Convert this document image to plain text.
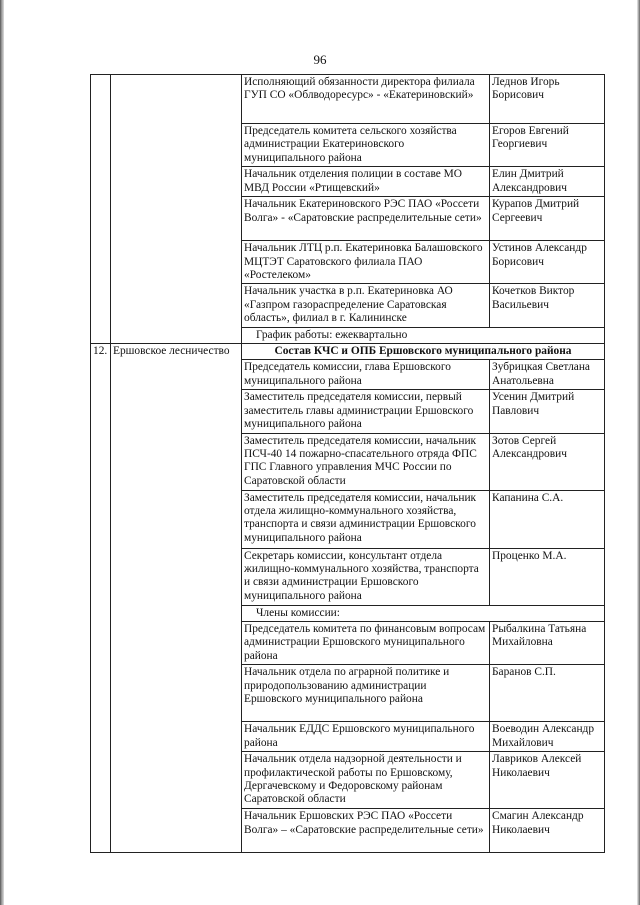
96
		Исполняющий обязанности директора филиала ГУП СО «Облводоресурс» - «Екатериновский»	Леднов Игорь Борисович
		Председатель комитета сельского хозяйства администрации Екатериновского муниципального района	Егоров Евгений Георгиевич
		Начальник отделения полиции в составе МО МВД России «Ртищевский»	Елин Дмитрий Александрович
		Начальник Екатериновского РЭС ПАО «Россети Волга» - «Саратовские распределительные сети»	Курапов Дмитрий Сергеевич
		Начальник ЛТЦ р.п. Екатериновка Балашовского МЦТЭТ Саратовского филиала ПАО «Ростелеком»	Устинов Александр Борисович
		Начальник участка в р.п. Екатериновка АО «Газпром газораспределение Саратовская область», филиал в г. Калининске	Кочетков Виктор Васильевич
		График работы: ежеквартально	
12.	Ершовское лесничество	Состав КЧС и ОПБ Ершовского муниципального района	
		Председатель комиссии, глава Ершовского муниципального района	Зубрицкая Светлана Анатольевна
		Заместитель председателя комиссии, первый заместитель главы администрации Ершовского муниципального района	Усенин Дмитрий Павлович
		Заместитель председателя комиссии, начальник ПСЧ-40 14 пожарно-спасательного отряда ФПС ГПС Главного управления МЧС России по Саратовской области	Зотов Сергей Александрович
		Заместитель председателя комиссии, начальник отдела жилищно-коммунального хозяйства, транспорта и связи администрации Ершовского муниципального района	Капанина С.А.
		Секретарь комиссии, консультант отдела жилищно-коммунального хозяйства, транспорта и связи администрации Ершовского муниципального района	Проценко М.А.
		Члены комиссии:	
		Председатель комитета по финансовым вопросам администрации Ершовского муниципального района	Рыбалкина Татьяна Михайловна
		Начальник отдела по аграрной политике и природопользованию администрации Ершовского муниципального района	Баранов С.П.
		Начальник ЕДДС Ершовского муниципального района	Воеводин Александр Михайлович
		Начальник отдела надзорной деятельности и профилактической работы по Ершовскому, Дергачевскому и Федоровскому районам Саратовской области	Лавриков Алексей Николаевич
		Начальник Ершовских РЭС ПАО «Россети Волга» – «Саратовские распределительные сети»	Смагин Александр Николаевич
